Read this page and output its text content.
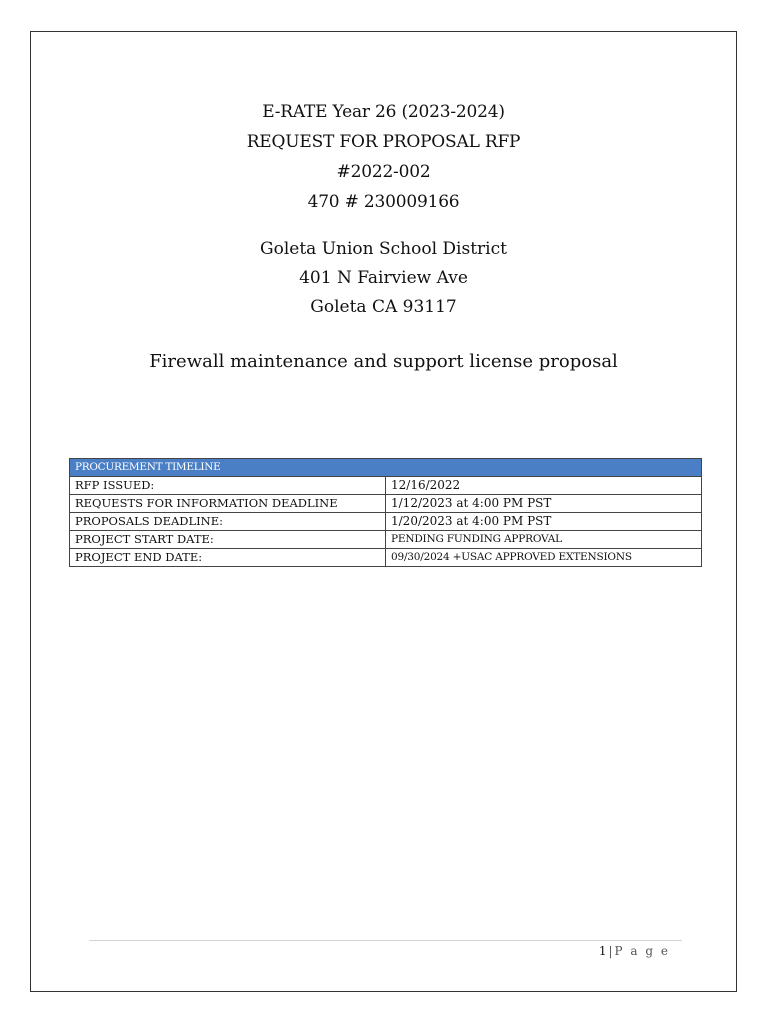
E-RATE Year 26 (2023-2024)
REQUEST FOR PROPOSAL RFP
#2022-002
470 # 230009166
Goleta Union School District
401 N Fairview Ave
Goleta CA 93117
Firewall maintenance and support license proposal
PROCUREMENT TIMELINE	
RFP ISSUED:	12/16/2022
REQUESTS FOR INFORMATION DEADLINE	1/12/2023 at 4:00 PM PST
PROPOSALS DEADLINE:	1/20/2023 at 4:00 PM PST
PROJECT START DATE:	PENDING FUNDING APPROVAL
PROJECT END DATE:	09/30/2024 +USAC APPROVED EXTENSIONS
1 | P a g e
